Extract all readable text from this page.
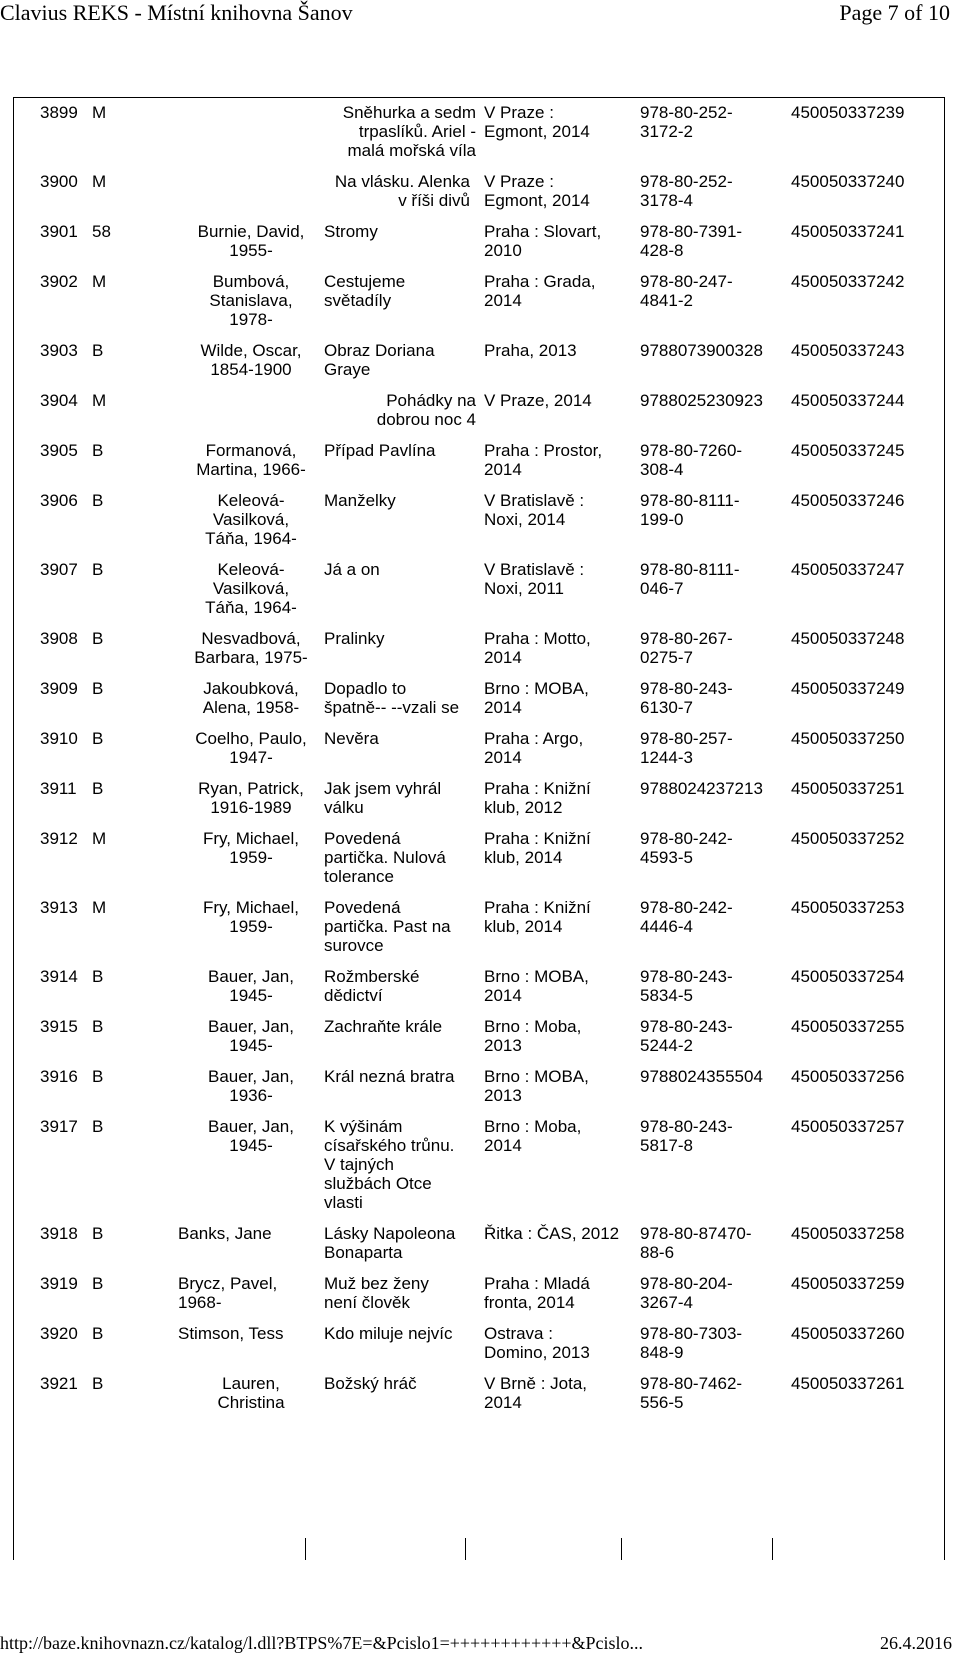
Clavius REKS - Místní knihovna Šanov	Page 7 of 10
3899	M	Sněhurka a sedm
trpaslíků. Ariel -
malá mořská víla		V Praze :
Egmont, 2014	978-80-252-
3172-2	450050337239
3900	M	Na vlásku. Alenka
v říši divů		V Praze :
Egmont, 2014	978-80-252-
3178-4	450050337240
3901	58	Burnie, David,
1955-	Stromy	Praha : Slovart,
2010	978-80-7391-
428-8	450050337241
3902	M	Bumbová,
Stanislava,
1978-	Cestujeme
světadíly	Praha : Grada,
2014	978-80-247-
4841-2	450050337242
3903	B	Wilde, Oscar,
1854-1900	Obraz Doriana
Graye	Praha, 2013	9788073900328	450050337243
3904	M	Pohádky na
dobrou noc 4		V Praze, 2014	9788025230923	450050337244
3905	B	Formanová,
Martina, 1966-	Případ Pavlína	Praha : Prostor,
2014	978-80-7260-
308-4	450050337245
3906	B	Keleová-
Vasilková,
Táňa, 1964-	Manželky	V Bratislavě :
Noxi, 2014	978-80-8111-
199-0	450050337246
3907	B	Keleová-
Vasilková,
Táňa, 1964-	Já a on	V Bratislavě :
Noxi, 2011	978-80-8111-
046-7	450050337247
3908	B	Nesvadbová,
Barbara, 1975-	Pralinky	Praha : Motto,
2014	978-80-267-
0275-7	450050337248
3909	B	Jakoubková,
Alena, 1958-	Dopadlo to
špatně-- --vzali se	Brno : MOBA,
2014	978-80-243-
6130-7	450050337249
3910	B	Coelho, Paulo,
1947-	Nevěra	Praha : Argo,
2014	978-80-257-
1244-3	450050337250
3911	B	Ryan, Patrick,
1916-1989	Jak jsem vyhrál
válku	Praha : Knižní
klub, 2012	9788024237213	450050337251
3912	M	Fry, Michael,
1959-	Povedená
partička. Nulová
tolerance	Praha : Knižní
klub, 2014	978-80-242-
4593-5	450050337252
3913	M	Fry, Michael,
1959-	Povedená
partička. Past na
surovce	Praha : Knižní
klub, 2014	978-80-242-
4446-4	450050337253
3914	B	Bauer, Jan,
1945-	Rožmberské
dědictví	Brno : MOBA,
2014	978-80-243-
5834-5	450050337254
3915	B	Bauer, Jan,
1945-	Zachraňte krále	Brno : Moba,
2013	978-80-243-
5244-2	450050337255
3916	B	Bauer, Jan,
1936-	Král nezná bratra	Brno : MOBA,
2013	9788024355504	450050337256
3917	B	Bauer, Jan,
1945-	K výšinám
císařského trůnu.
V tajných
službách Otce
vlasti	Brno : Moba,
2014	978-80-243-
5817-8	450050337257
3918	B	Banks, Jane	Lásky Napoleona
Bonaparta	Řitka : ČAS, 2012	978-80-87470-
88-6	450050337258
3919	B	Brycz, Pavel,
1968-	Muž bez ženy
není člověk	Praha : Mladá
fronta, 2014	978-80-204-
3267-4	450050337259
3920	B	Stimson, Tess	Kdo miluje nejvíc	Ostrava :
Domino, 2013	978-80-7303-
848-9	450050337260
3921	B	Lauren,
Christina	Božský hráč	V Brně : Jota,
2014	978-80-7462-
556-5	450050337261
http://baze.knihovnazn.cz/katalog/l.dll?BTPS%7E=&Pcislo1=++++++++++++&Pcislo...	26.4.2016
